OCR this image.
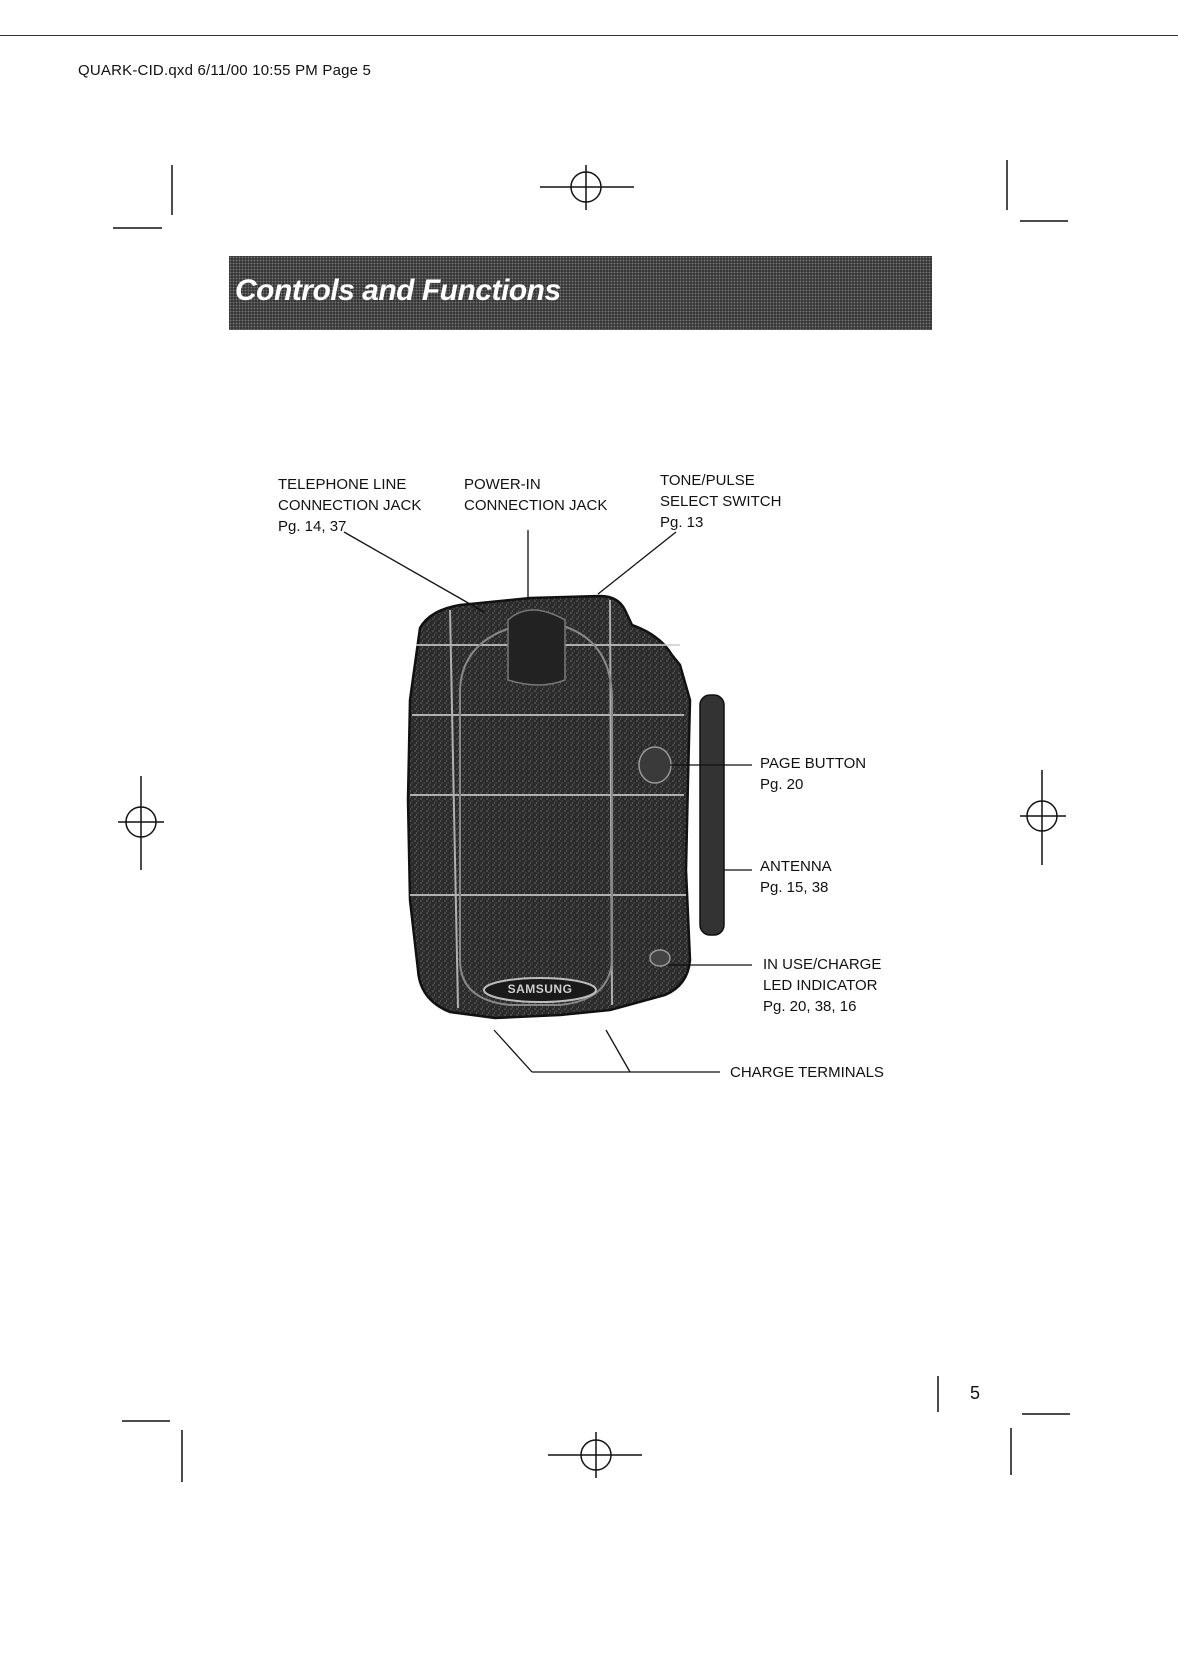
QUARK-CID.qxd 6/11/00 10:55 PM Page 5
Controls and Functions
SAMSUNG
TELEPHONE LINE
CONNECTION JACK
Pg. 14, 37
POWER-IN
CONNECTION JACK
TONE/PULSE
SELECT SWITCH
Pg. 13
PAGE BUTTON
Pg. 20
ANTENNA
Pg. 15, 38
IN USE/CHARGE
LED INDICATOR
Pg. 20, 38, 16
CHARGE TERMINALS
5
